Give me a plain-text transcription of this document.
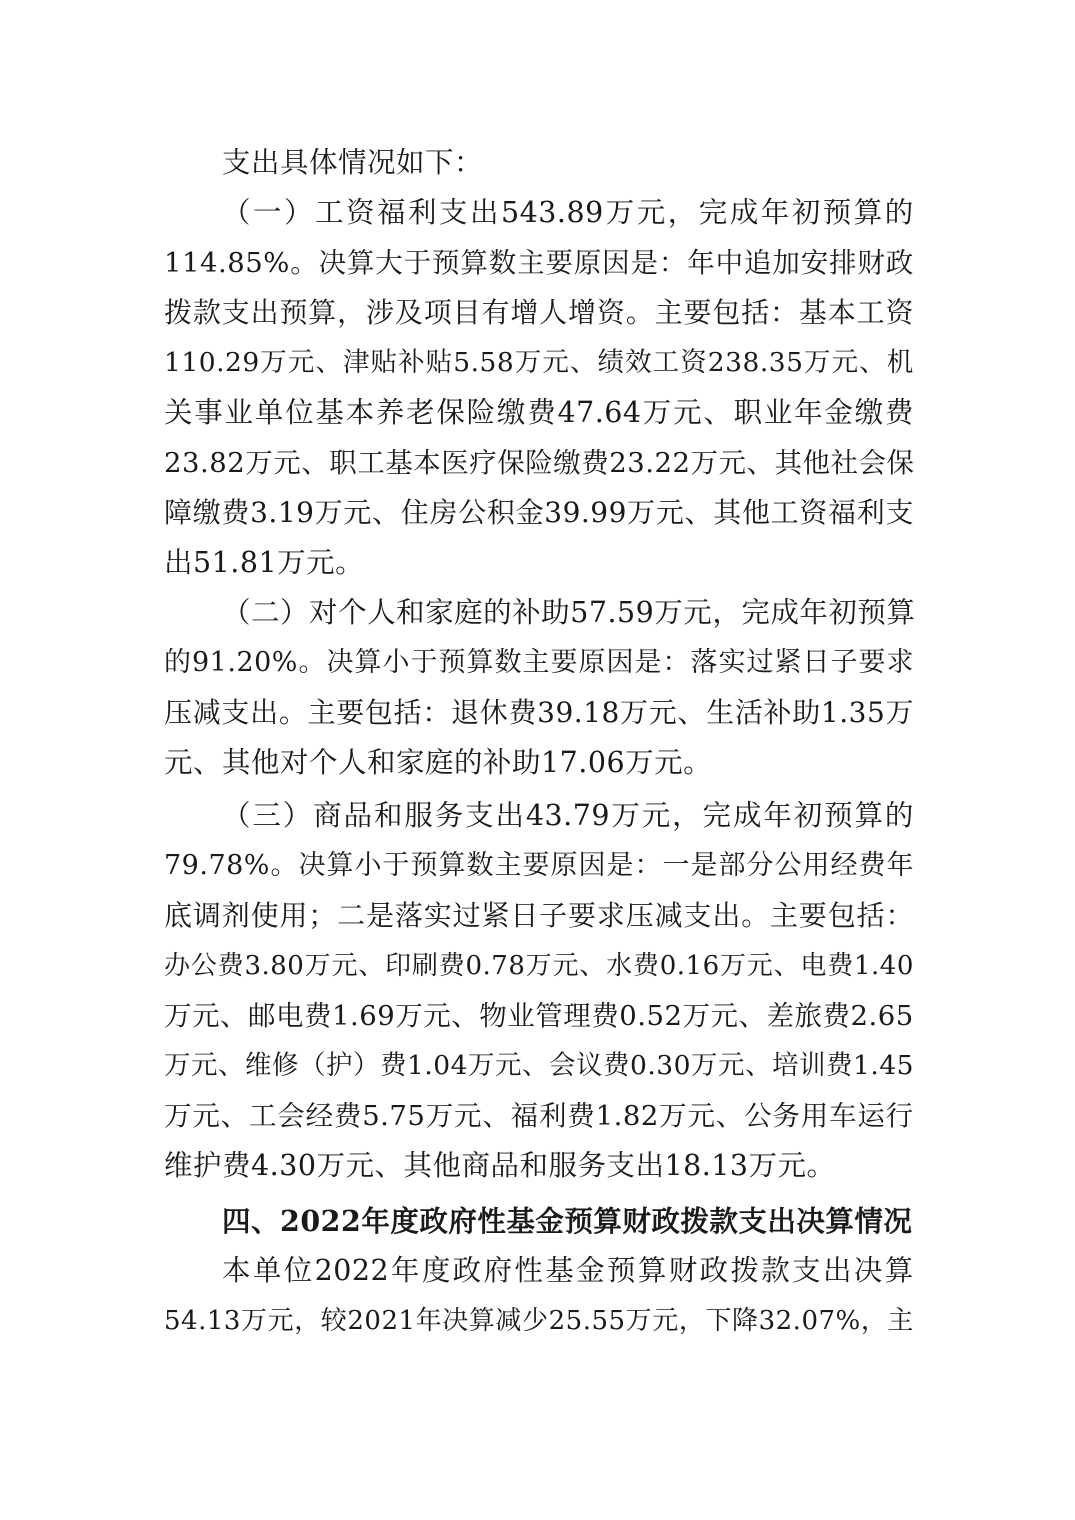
支出具体情况如下：
（ 一 ） 工 资 福 利 支 出 543.89 万 元 ， 完 成 年 初 预 算 的
114.85% 。 决 算 大 于 预 算 数 主 要 原 因 是 ： 年 中 追 加 安 排 财 政
拨 款 支 出 预 算 ， 涉 及 项 目 有 增 人 增 资 。 主 要 包 括 ： 基 本 工 资
110.29 万 元 、 津 贴 补 贴 5.58 万 元 、 绩 效 工 资 238.35 万 元 、 机
关 事 业 单 位 基 本 养 老 保 险 缴 费 47.64 万 元 、 职 业 年 金 缴 费
23.82 万 元 、 职 工 基 本 医 疗 保 险 缴 费 23.22 万 元 、 其 他 社 会 保
障 缴 费 3.19 万 元 、 住 房 公 积 金 39.99 万 元 、 其 他 工 资 福 利 支
出51.81万元。
（ 二 ） 对 个 人 和 家 庭 的 补 助 57.59 万 元 ， 完 成 年 初 预 算
的 91.20% 。 决 算 小 于 预 算 数 主 要 原 因 是 ： 落 实 过 紧 日 子 要 求
压 减 支 出 。 主 要 包 括 ： 退 休 费 39.18 万 元 、 生 活 补 助 1.35 万
元、其他对个人和家庭的补助17.06万元。
（ 三 ） 商 品 和 服 务 支 出 43.79 万 元 ， 完 成 年 初 预 算 的
79.78% 。 决 算 小 于 预 算 数 主 要 原 因 是 ： 一 是 部 分 公 用 经 费 年
底 调 剂 使 用 ； 二 是 落 实 过 紧 日 子 要 求 压 减 支 出 。 主 要 包 括 ：
办 公 费 3.80 万 元 、 印 刷 费 0.78 万 元 、 水 费 0.16 万 元 、 电 费 1.40
万 元 、 邮 电 费 1.69 万 元 、 物 业 管 理 费 0.52 万 元 、 差 旅 费 2.65
万 元 、 维 修 （ 护 ） 费 1.04 万 元 、 会 议 费 0.30 万 元 、 培 训 费 1.45
万 元 、 工 会 经 费 5.75 万 元 、 福 利 费 1.82 万 元 、 公 务 用 车 运 行
维护费4.30万元、其他商品和服务支出18.13万元。
四、2022年度政府性基金预算财政拨款支出决算情况
本 单 位 2022 年 度 政 府 性 基 金 预 算 财 政 拨 款 支 出 决 算
54.13 万 元 ， 较 2021 年 决 算 减 少 25.55 万 元 ， 下 降 32.07% ， 主
